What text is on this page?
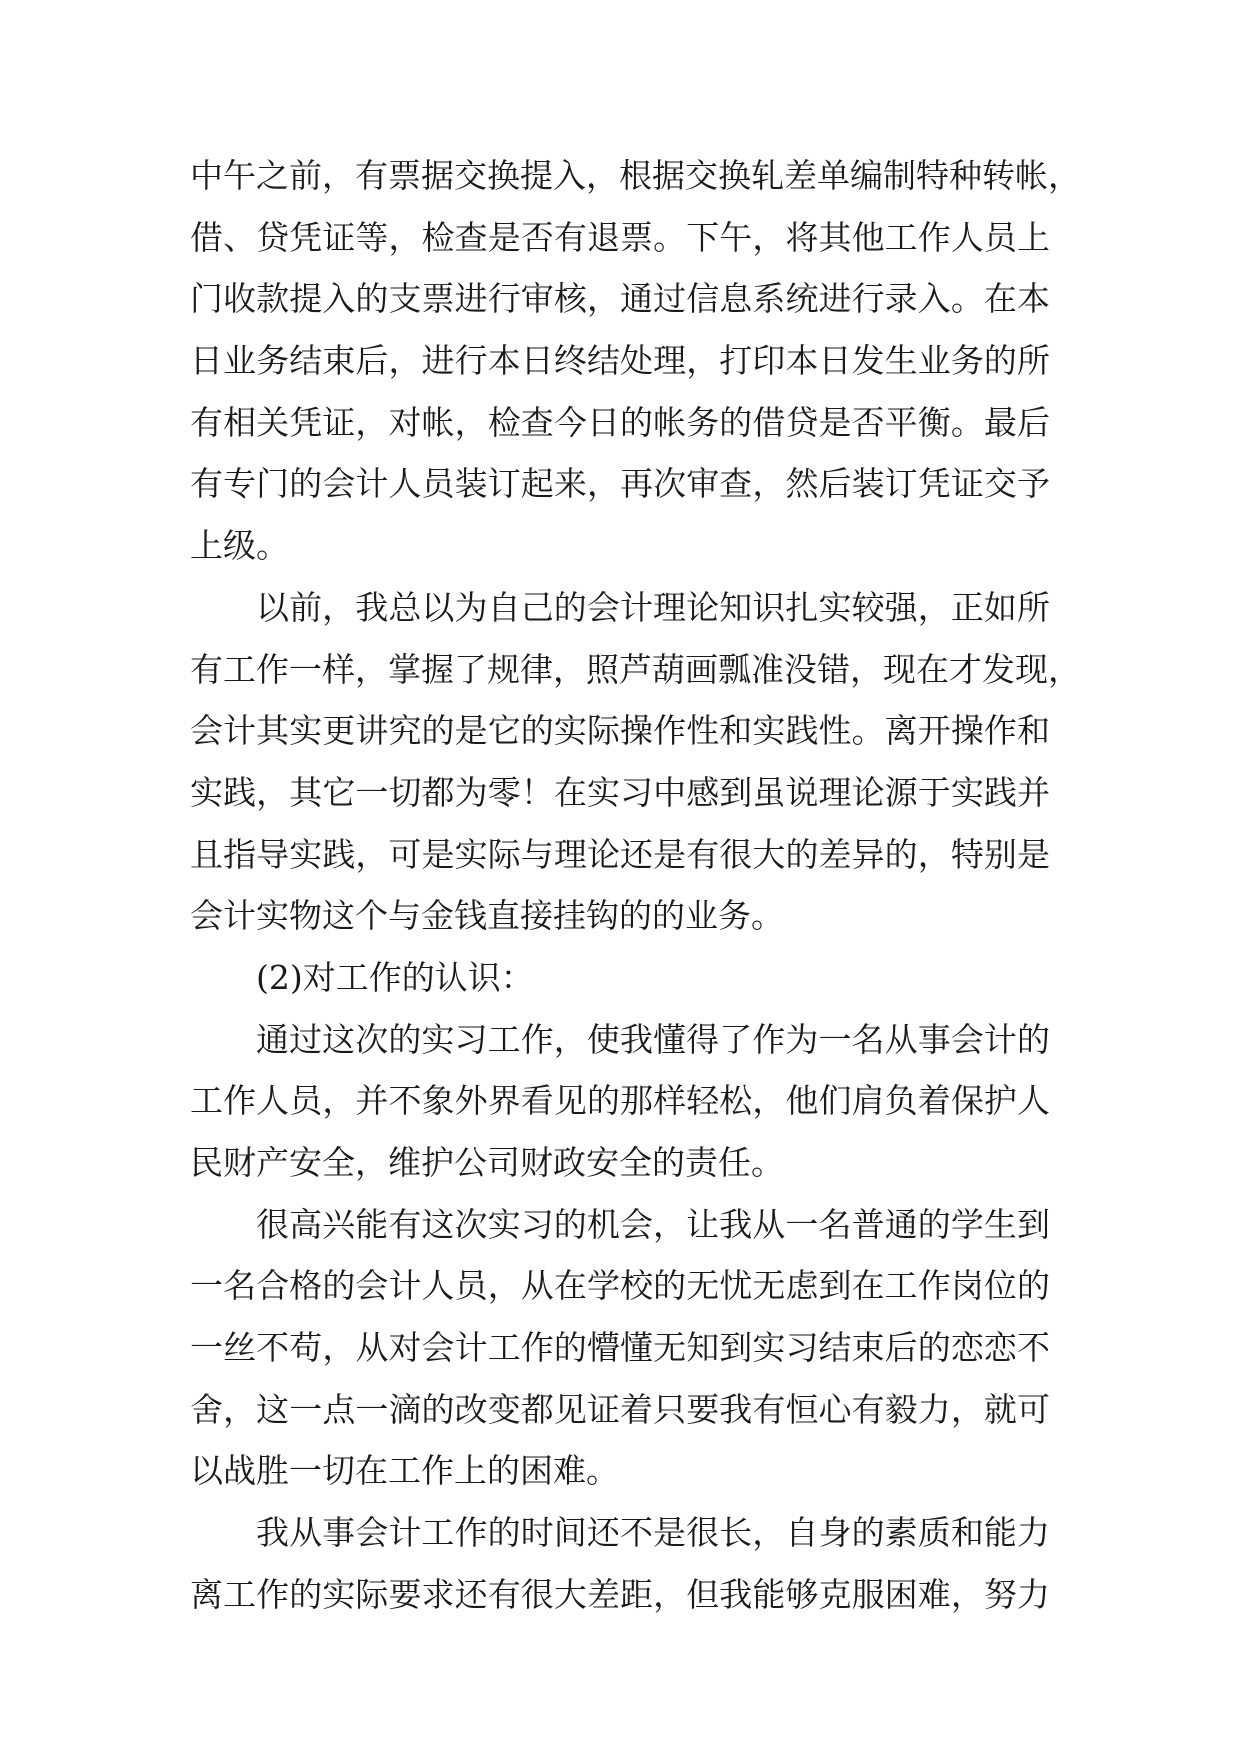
中午之前，有票据交换提入，根据交换轧差单编制特种转帐，
借、贷凭证等，检查是否有退票。下午，将其他工作人员上
门收款提入的支票进行审核，通过信息系统进行录入。在本
日业务结束后，进行本日终结处理，打印本日发生业务的所
有相关凭证，对帐，检查今日的帐务的借贷是否平衡。最后
有专门的会计人员装订起来，再次审查，然后装订凭证交予
上级。
以前，我总以为自己的会计理论知识扎实较强，正如所
有工作一样，掌握了规律，照芦葫画瓢准没错，现在才发现，
会计其实更讲究的是它的实际操作性和实践性。离开操作和
实践，其它一切都为零！在实习中感到虽说理论源于实践并
且指导实践，可是实际与理论还是有很大的差异的，特别是
会计实物这个与金钱直接挂钩的的业务。
(2)对工作的认识：
通过这次的实习工作，使我懂得了作为一名从事会计的
工作人员，并不象外界看见的那样轻松，他们肩负着保护人
民财产安全，维护公司财政安全的责任。
很高兴能有这次实习的机会，让我从一名普通的学生到
一名合格的会计人员，从在学校的无忧无虑到在工作岗位的
一丝不苟，从对会计工作的懵懂无知到实习结束后的恋恋不
舍，这一点一滴的改变都见证着只要我有恒心有毅力，就可
以战胜一切在工作上的困难。
我从事会计工作的时间还不是很长，自身的素质和能力
离工作的实际要求还有很大差距，但我能够克服困难，努力
